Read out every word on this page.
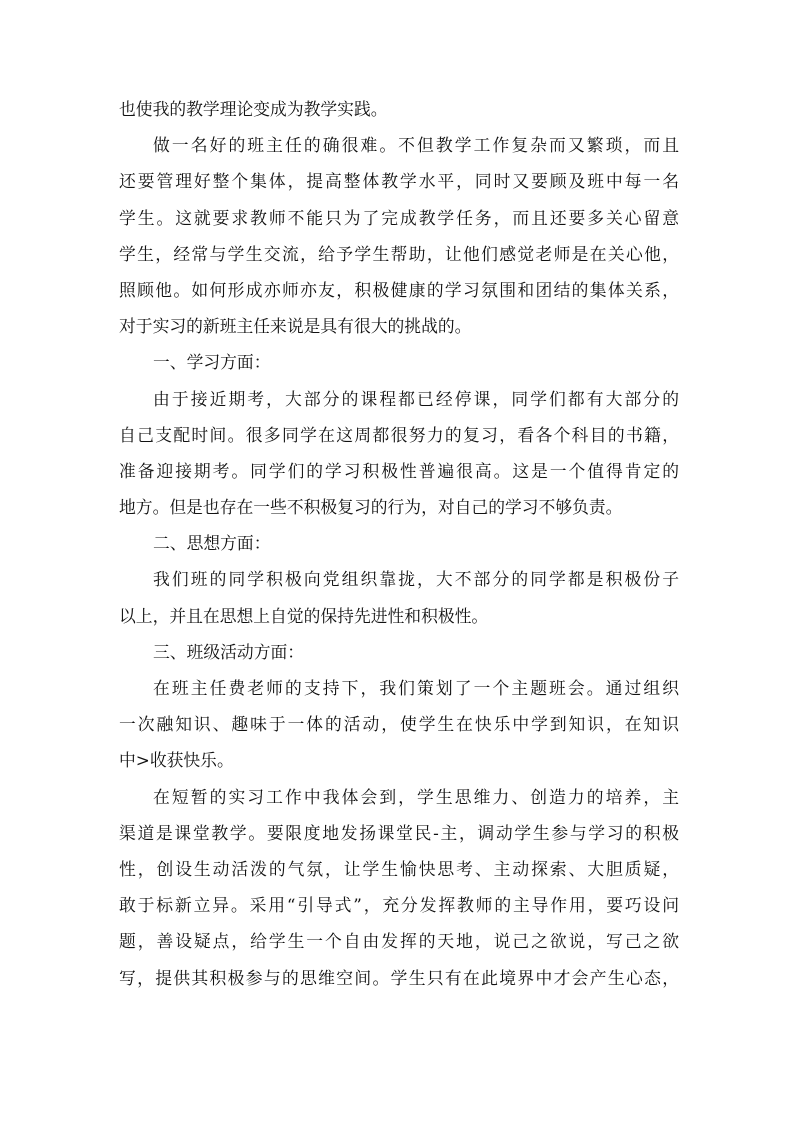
也使我的教学理论变成为教学实践。
做一名好的班主任的确很难。不但教学工作复杂而又繁琐，而且
还要管理好整个集体，提高整体教学水平，同时又要顾及班中每一名
学生。这就要求教师不能只为了完成教学任务，而且还要多关心留意
学生，经常与学生交流，给予学生帮助，让他们感觉老师是在关心他，
照顾他。如何形成亦师亦友，积极健康的学习氛围和团结的集体关系，
对于实习的新班主任来说是具有很大的挑战的。
一、学习方面：
由于接近期考，大部分的课程都已经停课，同学们都有大部分的
自己支配时间。很多同学在这周都很努力的复习，看各个科目的书籍，
准备迎接期考。同学们的学习积极性普遍很高。这是一个值得肯定的
地方。但是也存在一些不积极复习的行为，对自己的学习不够负责。
二、思想方面：
我们班的同学积极向党组织靠拢，大不部分的同学都是积极份子
以上，并且在思想上自觉的保持先进性和积极性。
三、班级活动方面：
在班主任费老师的支持下，我们策划了一个主题班会。通过组织
一次融知识、趣味于一体的活动，使学生在快乐中学到知识，在知识
中>收获快乐。
在短暂的实习工作中我体会到，学生思维力、创造力的培养，主
渠道是课堂教学。要限度地发扬课堂民-主，调动学生参与学习的积极
性，创设生动活泼的气氛，让学生愉快思考、主动探索、大胆质疑，
敢于标新立异。采用“引导式”，充分发挥教师的主导作用，要巧设问
题，善设疑点，给学生一个自由发挥的天地，说己之欲说，写己之欲
写，提供其积极参与的思维空间。学生只有在此境界中才会产生心态，
